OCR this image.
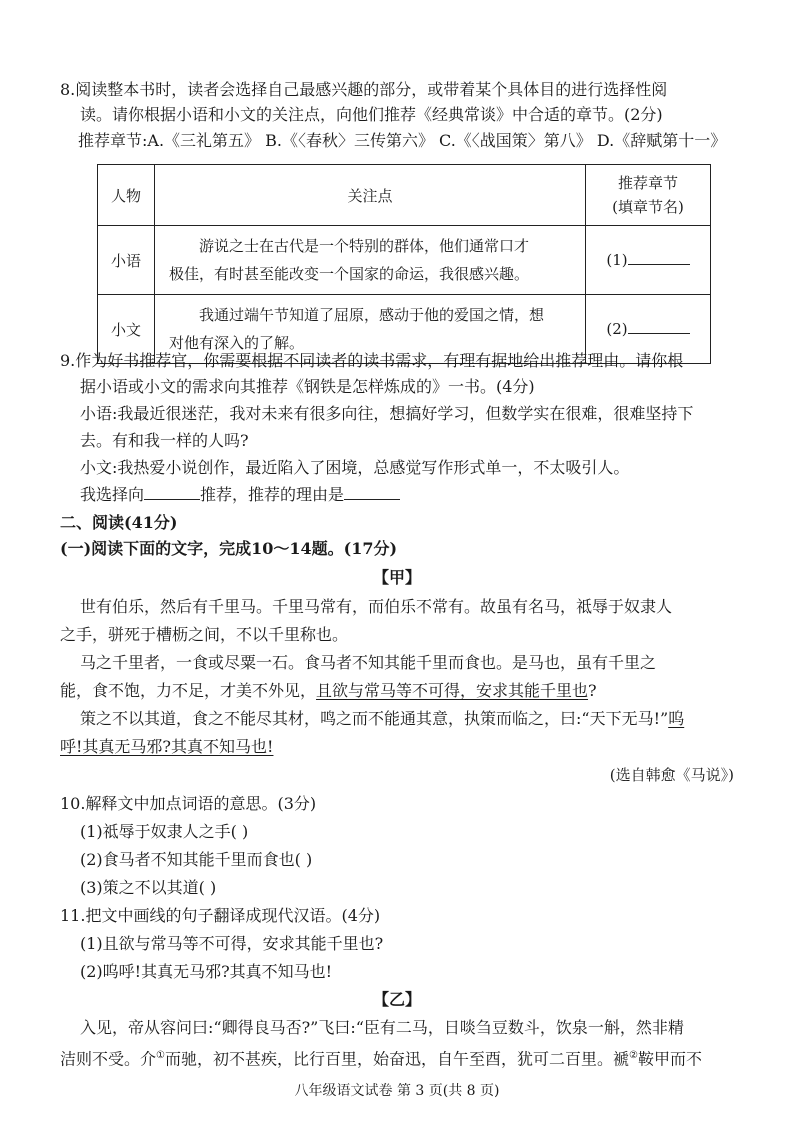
8.阅读整本书时，读者会选择自己最感兴趣的部分，或带着某个具体目的进行选择性阅
读。请你根据小语和小文的关注点，向他们推荐《经典常谈》中合适的章节。(2分)
推荐章节:A.《三礼第五》 B.《〈春秋〉三传第六》 C.《〈战国策〉第八》 D.《辞赋第十一》
人物	关注点	推荐章节
(填章节名)

小语	游说之士在古代是一个特别的群体，他们通常口才
极佳，有时甚至能改变一个国家的命运，我很感兴趣。	(1)
小文	我通过端午节知道了屈原，感动于他的爱国之情，想
对他有深入的了解。	(2)
9.作为好书推荐官，你需要根据不同读者的读书需求，有理有据地给出推荐理由。请你根
据小语或小文的需求向其推荐《钢铁是怎样炼成的》一书。(4分)
小语:我最近很迷茫，我对未来有很多向往，想搞好学习，但数学实在很难，很难坚持下
去。有和我一样的人吗?
小文:我热爱小说创作，最近陷入了困境，总感觉写作形式单一，不太吸引人。
我选择向	推荐，推荐的理由是
二、阅读(41分)
(一)阅读下面的文字，完成10～14题。(17分)
【甲】
世有伯乐，然后有千里马。千里马常有，而伯乐不常有。故虽有名马，祗辱于奴隶人
之手，骈死于槽枥之间，不以千里称也。
马之千里者，一食或尽粟一石。食马者不知其能千里而食也。是马也，虽有千里之
能，食不饱，力不足，才美不外见，且欲与常马等不可得，安求其能千里也?
策之不以其道，食之不能尽其材，鸣之而不能通其意，执策而临之，曰:“天下无马!”呜
呼!其真无马邪?其真不知马也!
(选自韩愈《马说》)
10.解释文中加点词语的意思。(3分)
(1)祗辱于奴隶人之手( )
(2)食马者不知其能千里而食也( )
(3)策之不以其道( )
11.把文中画线的句子翻译成现代汉语。(4分)
(1)且欲与常马等不可得，安求其能千里也?
(2)呜呼!其真无马邪?其真不知马也!
【乙】
入见，帝从容问曰:“卿得良马否?”飞曰:“臣有二马，日啖刍豆数斗，饮泉一斛，然非精
洁则不受。介①而驰，初不甚疾，比行百里，始奋迅，自午至酉，犹可二百里。褫②鞍甲而不
八年级语文试卷 第 3 页(共 8 页)
